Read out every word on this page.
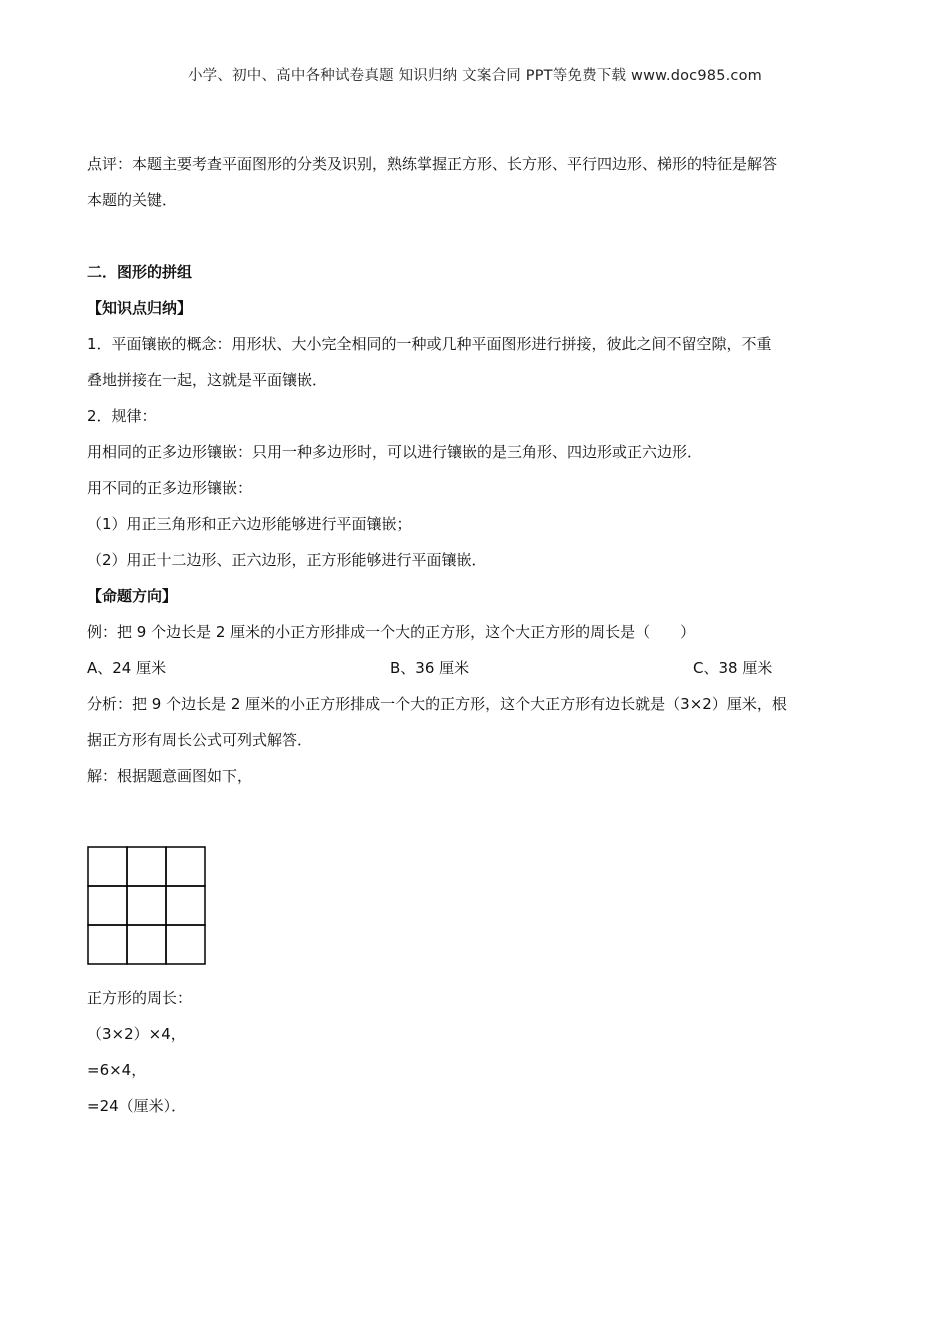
小学、初中、高中各种试卷真题 知识归纳 文案合同 PPT等免费下载 www.doc985.com

点评：本题主要考查平面图形的分类及识别，熟练掌握正方形、长方形、平行四边形、梯形的特征是解答

本题的关键．

二．图形的拼组

【知识点归纳】

1．平面镶嵌的概念：用形状、大小完全相同的一种或几种平面图形进行拼接，彼此之间不留空隙，不重

叠地拼接在一起，这就是平面镶嵌．

2．规律：

用相同的正多边形镶嵌：只用一种多边形时，可以进行镶嵌的是三角形、四边形或正六边形．

用不同的正多边形镶嵌：

（1）用正三角形和正六边形能够进行平面镶嵌；

（2）用正十二边形、正六边形，正方形能够进行平面镶嵌．

【命题方向】

例：把 9 个边长是 2 厘米的小正方形排成一个大的正方形，这个大正方形的周长是（　　）

A、24 厘米	B、36 厘米	C、38 厘米

分析：把 9 个边长是 2 厘米的小正方形排成一个大的正方形，这个大正方形有边长就是（3×2）厘米，根

据正方形有周长公式可列式解答．

解：根据题意画图如下，

正方形的周长：

（3×2）×4，

=6×4，

=24（厘米）．
